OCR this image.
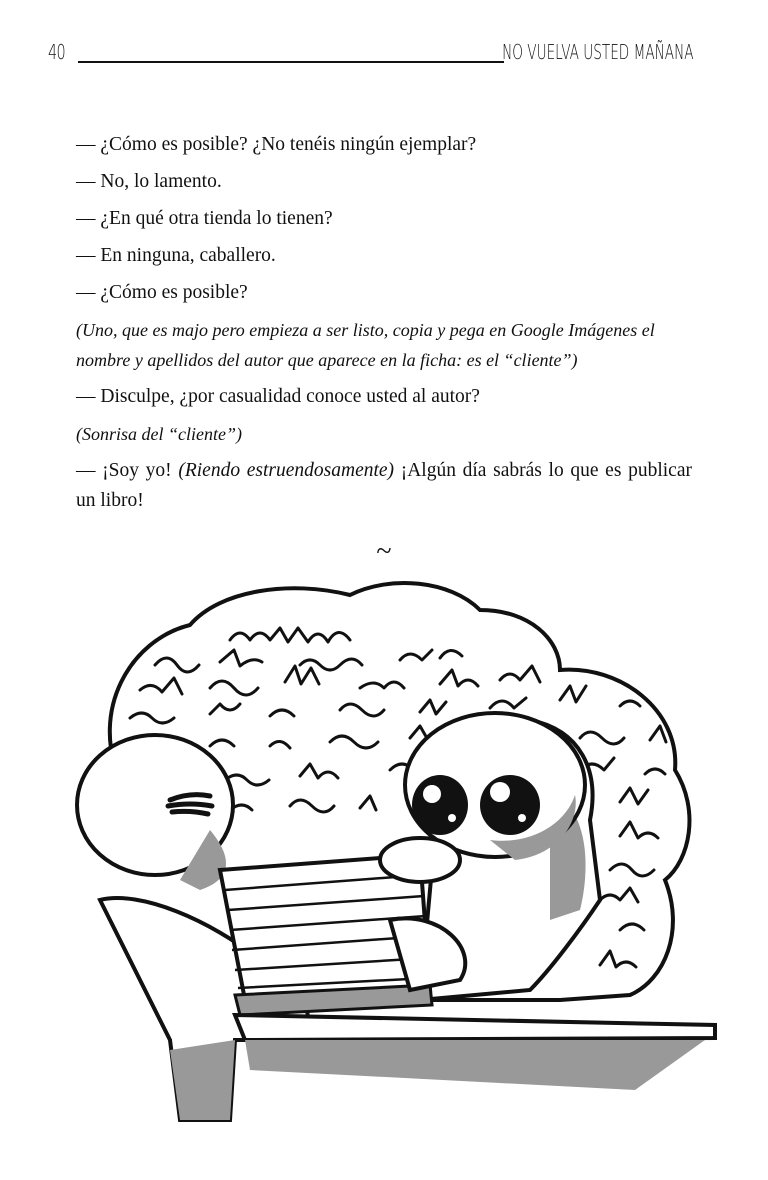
40	NO VUELVA USTED MAÑANA

— ¿Cómo es posible? ¿No tenéis ningún ejemplar?

— No, lo lamento.

— ¿En qué otra tienda lo tienen?

— En ninguna, caballero.

— ¿Cómo es posible?

(Uno, que es majo pero empieza a ser listo, copia y pega en Google Imágenes el nombre y apellidos del autor que aparece en la ficha: es el “cliente”)

— Disculpe, ¿por casualidad conoce usted al autor?

(Sonrisa del “cliente”)

— ¡Soy yo! (Riendo estruendosamente) ¡Algún día sabrás lo que es publicar un libro!

~
